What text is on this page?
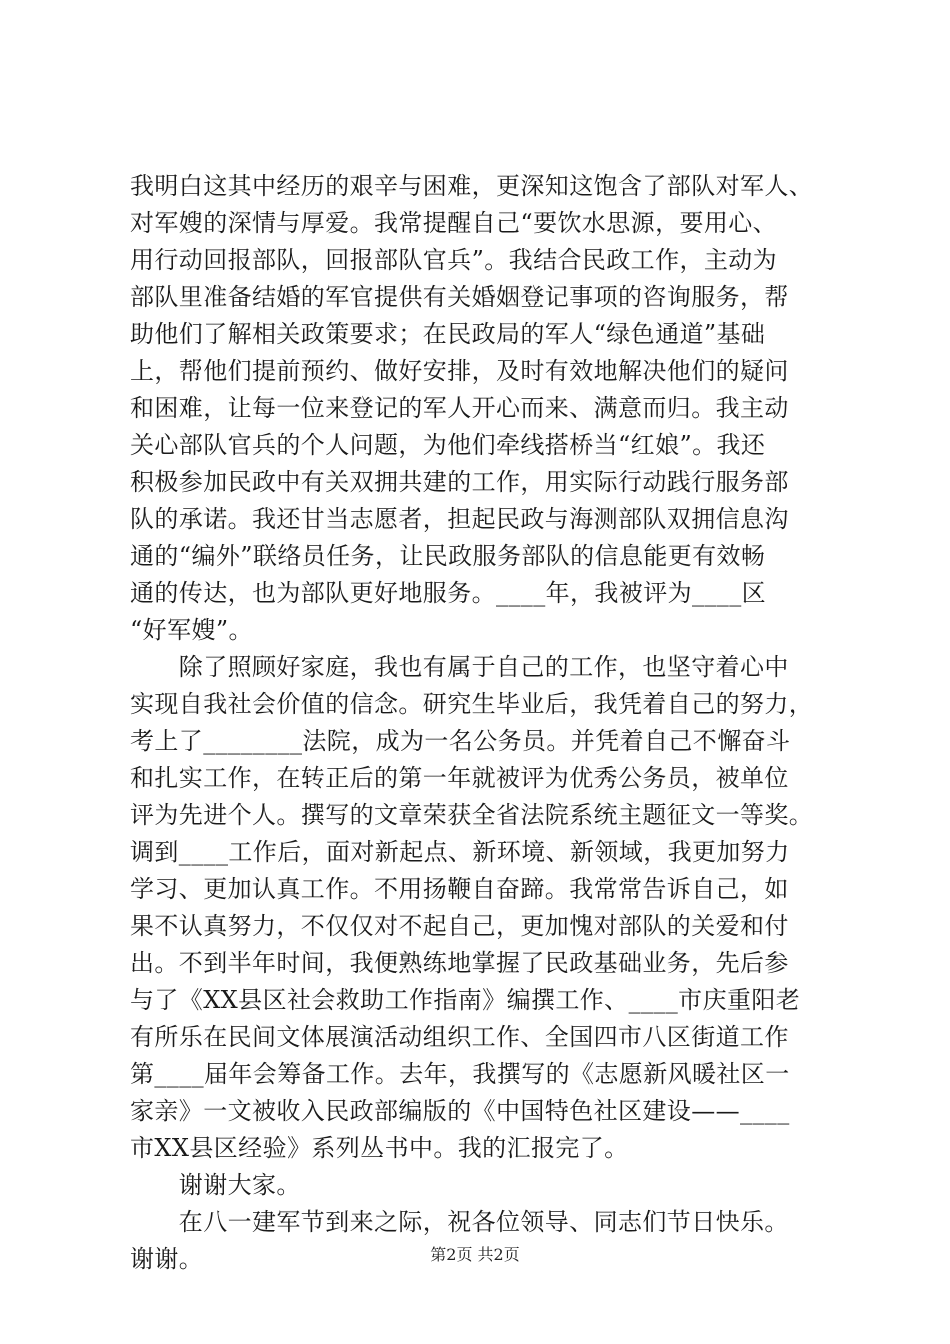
我明白这其中经历的艰辛与困难，更深知这饱含了部队对军人、
对军嫂的深情与厚爱。我常提醒自己“要饮水思源，要用心、
用行动回报部队，回报部队官兵”。我结合民政工作，主动为
部队里准备结婚的军官提供有关婚姻登记事项的咨询服务，帮
助他们了解相关政策要求；在民政局的军人“绿色通道”基础
上，帮他们提前预约、做好安排，及时有效地解决他们的疑问
和困难，让每一位来登记的军人开心而来、满意而归。我主动
关心部队官兵的个人问题，为他们牵线搭桥当“红娘”。我还
积极参加民政中有关双拥共建的工作，用实际行动践行服务部
队的承诺。我还甘当志愿者，担起民政与海测部队双拥信息沟
通的“编外”联络员任务，让民政服务部队的信息能更有效畅
通的传达，也为部队更好地服务。____年，我被评为____区
“好军嫂”。
　　除了照顾好家庭，我也有属于自己的工作，也坚守着心中
实现自我社会价值的信念。研究生毕业后，我凭着自己的努力，
考上了________法院，成为一名公务员。并凭着自己不懈奋斗
和扎实工作，在转正后的第一年就被评为优秀公务员，被单位
评为先进个人。撰写的文章荣获全省法院系统主题征文一等奖。
调到____工作后，面对新起点、新环境、新领域，我更加努力
学习、更加认真工作。不用扬鞭自奋蹄。我常常告诉自己，如
果不认真努力，不仅仅对不起自己，更加愧对部队的关爱和付
出。不到半年时间，我便熟练地掌握了民政基础业务，先后参
与了《XX县区社会救助工作指南》编撰工作、____市庆重阳老
有所乐在民间文体展演活动组织工作、全国四市八区街道工作
第____届年会筹备工作。去年，我撰写的《志愿新风暖社区一
家亲》一文被收入民政部编版的《中国特色社区建设——____
市XX县区经验》系列丛书中。我的汇报完了。
　　谢谢大家。
　　在八一建军节到来之际，祝各位领导、同志们节日快乐。
谢谢。	第2页 共2页
